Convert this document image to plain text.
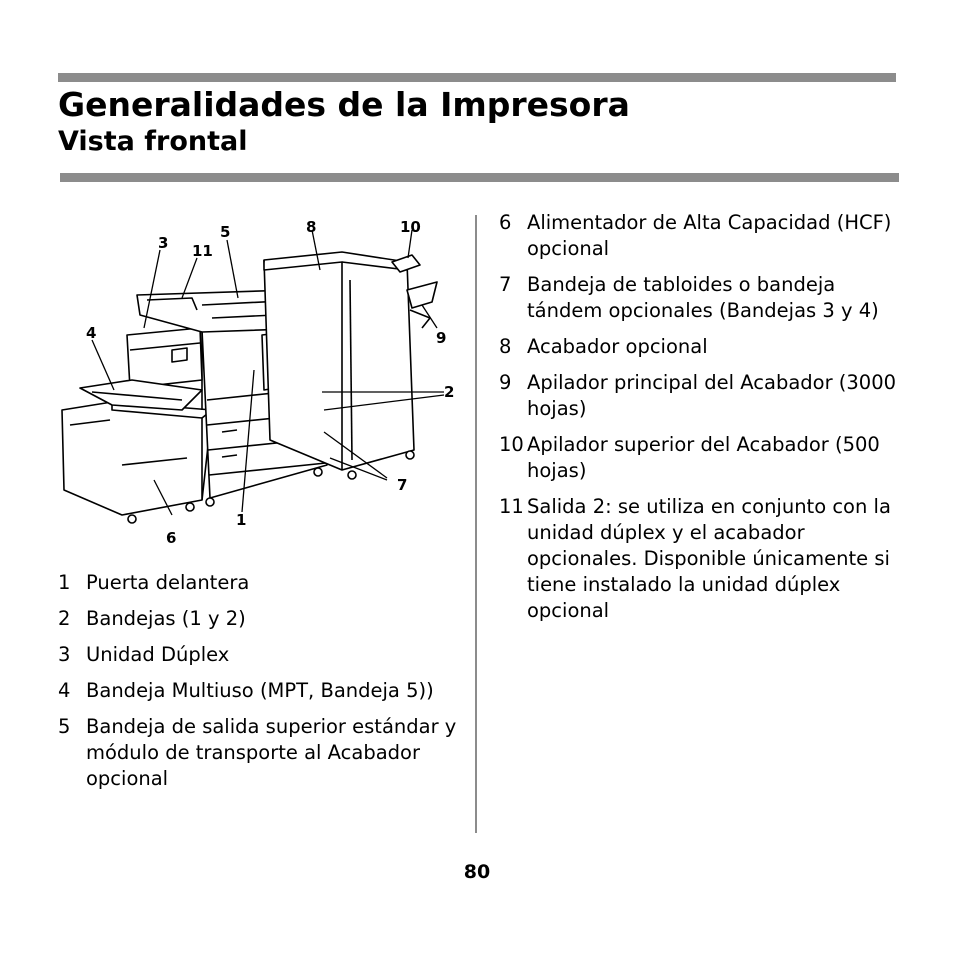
Generalidades de la Impresora
Vista frontal
3 11
5
4
8	10
9
2
7
6
1
1 Puerta delantera
2 Bandejas (1 y 2)
3 Unidad Dúplex
4 Bandeja Multiuso (MPT, Bandeja 5))
5 Bandeja de salida superior estándar y módulo de transporte al Acabador opcional
6 Alimentador de Alta Capacidad (HCF) opcional
7 Bandeja de tabloides o bandeja tándem opcionales (Bandejas 3 y 4)
8 Acabador opcional
9 Apilador principal del Acabador (3000 hojas)
10 Apilador superior del Acabador (500 hojas)
11 Salida 2: se utiliza en conjunto con la unidad dúplex y el acabador opcionales. Disponible únicamente si tiene instalado la unidad dúplex opcional
80
